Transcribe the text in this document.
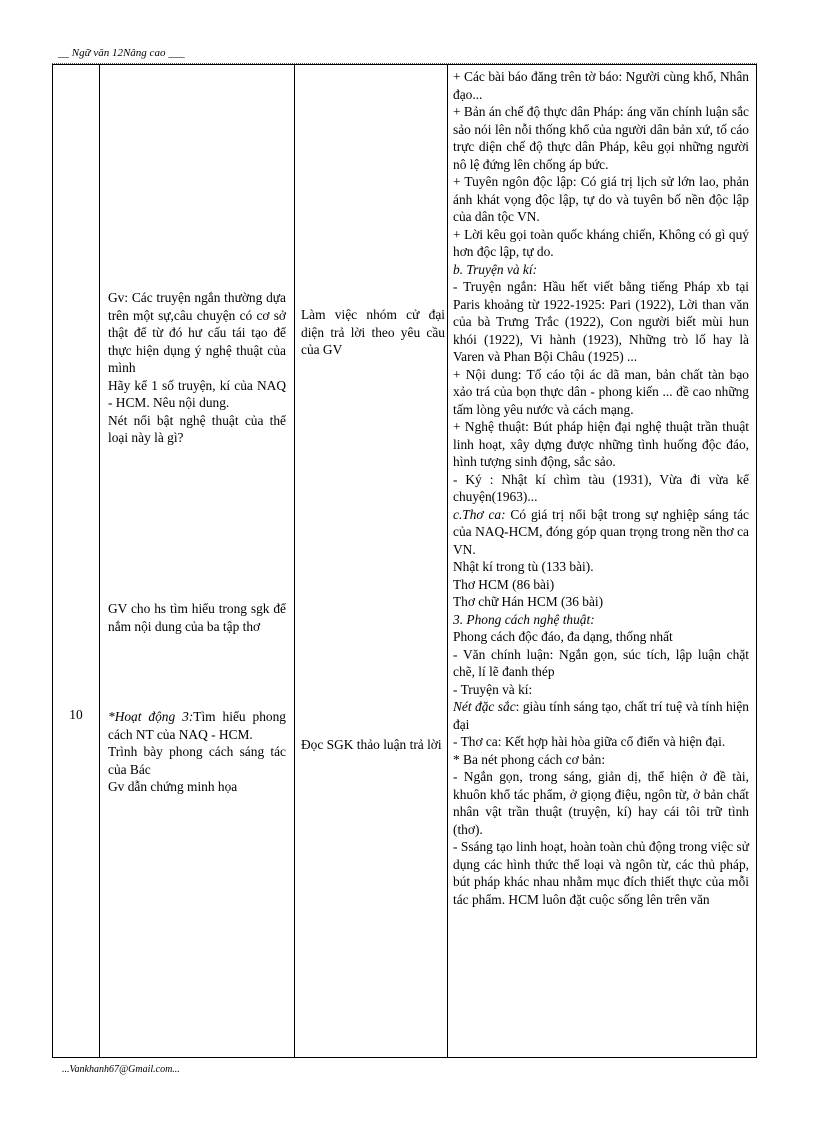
__ Ngữ văn 12Nâng cao ___
10

Gv: Các truyện ngắn thường dựa trên một sự,câu chuyện có cơ sở thật để từ đó hư cấu tái tạo để thực hiện dụng ý nghệ thuật của mình

Hãy kể 1 số truyện, kí của NAQ - HCM. Nêu nội dung.

Nét nổi bật nghệ thuật của thể loại này là gì?

GV cho hs tìm hiểu trong sgk để nắm nội dung của ba tập thơ

*Hoạt động 3:Tìm hiểu phong cách NT của NAQ - HCM.

Trình bày phong cách sáng tác của Bác

Gv dẫn chứng minh họa

Làm việc nhóm cử đại diện trả lời theo yêu cầu của GV
Đọc SGK thảo luận trả lời

+ Các bài báo đăng trên tờ báo: Người cùng khổ, Nhân đạo...

+ Bản án chế độ thực dân Pháp: áng văn chính luận sắc sảo nói lên nỗi thống khổ của người dân bản xứ, tố cáo trực diện chế độ thực dân Pháp, kêu gọi những người nô lệ đứng lên chống áp bức.

+ Tuyên ngôn độc lập: Có giá trị lịch sử lớn lao, phản ánh khát vọng độc lập, tự do và tuyên bố nền độc lập của dân tộc VN.

+ Lời kêu gọi toàn quốc kháng chiến, Không có gì quý hơn độc lập, tự do.

b. Truyện và kí:

- Truyện ngắn: Hầu hết viết bằng tiếng Pháp xb tại Paris khoảng từ 1922-1925: Pari (1922), Lời than văn của bà Trưng Trắc (1922), Con người biết mùi hun khói (1922), Vi hành (1923), Những trò lố hay là Varen và Phan Bội Châu (1925) ...

+ Nội dung: Tố cáo tội ác dã man, bản chất tàn bạo xảo trá của bọn thực dân - phong kiến ... đề cao những tấm lòng yêu nước và cách mạng.

+ Nghệ thuật: Bút pháp hiện đại nghệ thuật trần thuật linh hoạt, xây dựng được những tình huống độc đáo, hình tượng sinh động, sắc sảo.

- Ký : Nhật kí chìm tàu (1931), Vừa đi vừa kể chuyện(1963)...

c.Thơ ca: Có giá trị nổi bật trong sự nghiệp sáng tác của NAQ-HCM, đóng góp quan trọng trong nền thơ ca VN.

Nhật kí trong tù (133 bài).

Thơ HCM (86 bài)

Thơ chữ Hán HCM (36 bài)

3. Phong cách nghệ thuật:

Phong cách độc đáo, đa dạng, thống nhất

- Văn chính luận: Ngắn gọn, súc tích, lập luận chặt chẽ, lí lẽ đanh thép

- Truyện và kí:

Nét đặc sắc: giàu tính sáng tạo, chất trí tuệ và tính hiện đại

- Thơ ca: Kết hợp hài hòa giữa cổ điển và hiện đại.

* Ba nét phong cách cơ bản:

- Ngắn gọn, trong sáng, giản dị, thể hiện ở đề tài, khuôn khổ tác phẩm, ở giọng điệu, ngôn từ, ở bản chất nhân vật trần thuật (truyện, kí) hay cái tôi trữ tình (thơ).

- Ssáng tạo linh hoạt, hoàn toàn chủ động trong việc sử dụng các hình thức thể loại và ngôn từ, các thủ pháp, bút pháp khác nhau nhằm mục đích thiết thực của mỗi tác phẩm. HCM luôn đặt cuộc sống lên trên văn

...Vankhanh67@Gmail.com...
